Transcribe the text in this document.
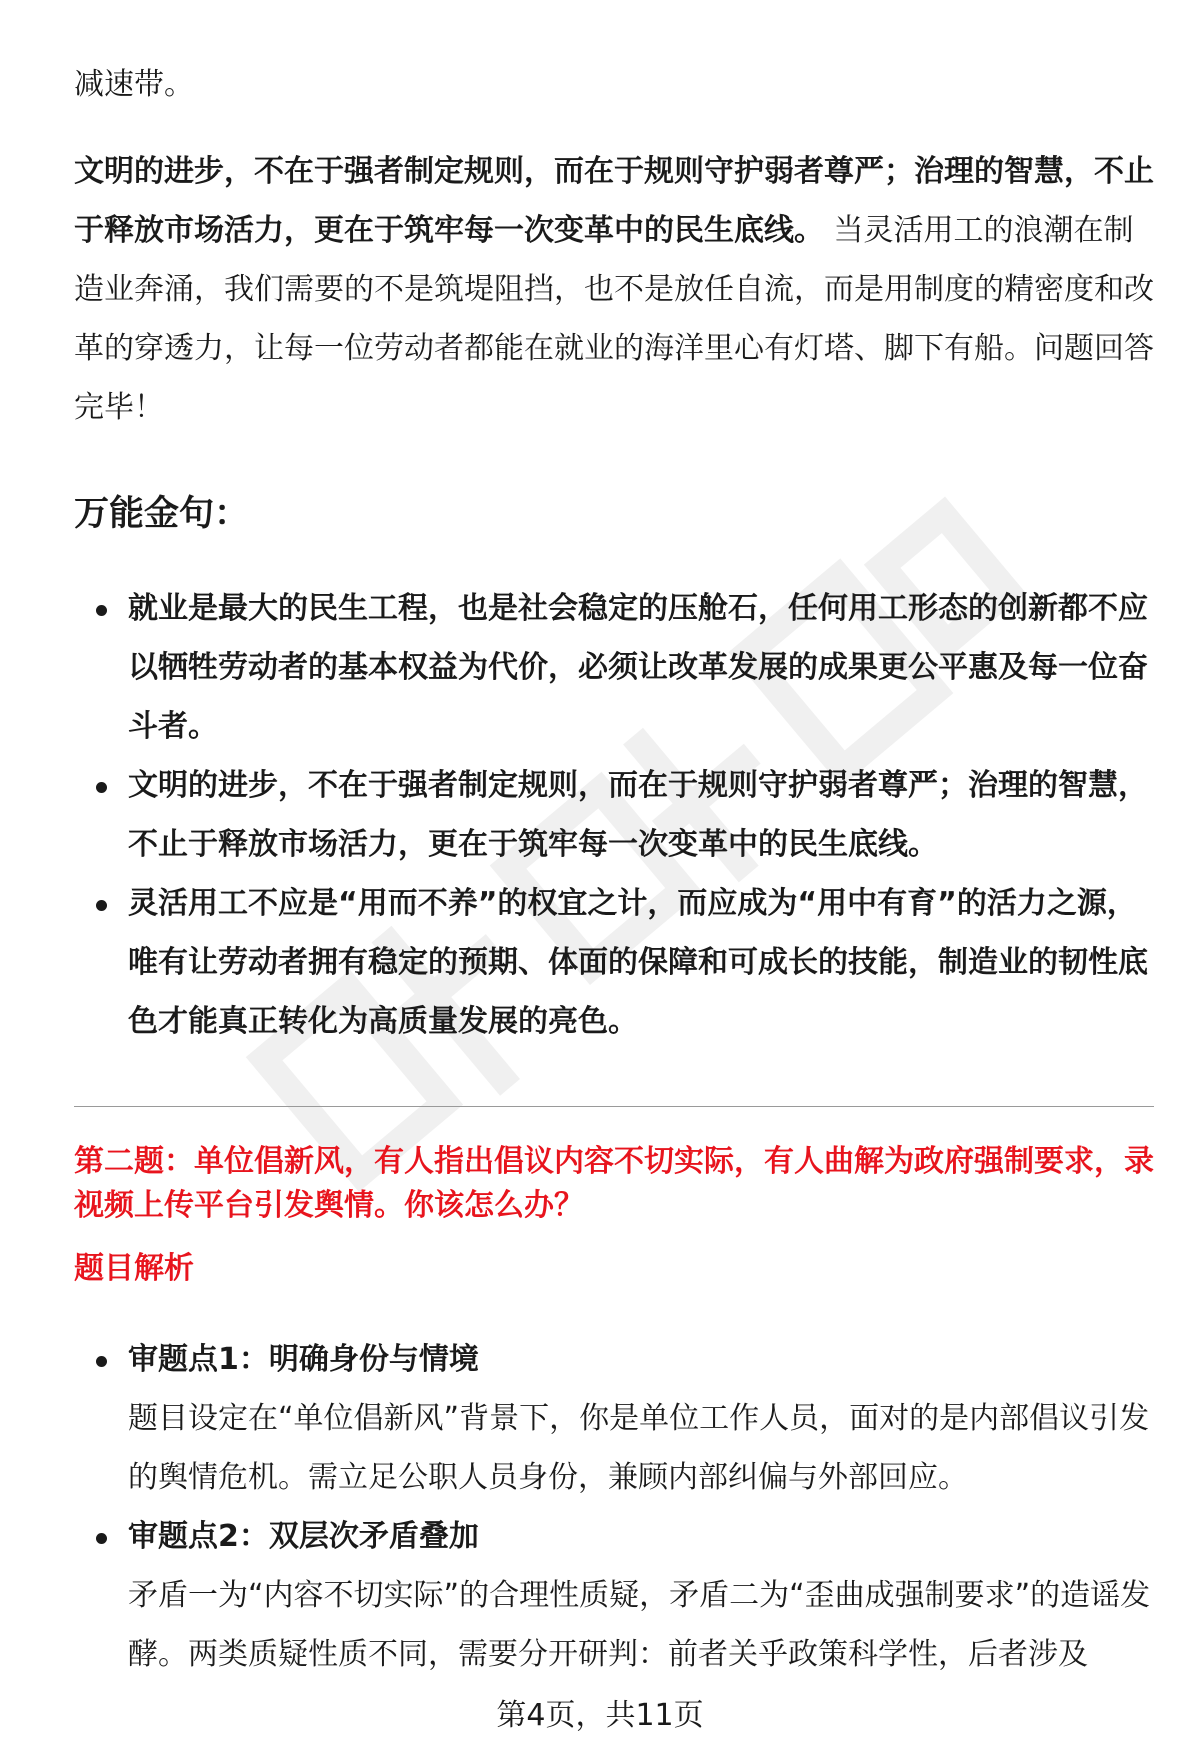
减速带。

文明的进步，不在于强者制定规则，而在于规则守护弱者尊严；治理的智慧，不止于释放市场活力，更在于筑牢每一次变革中的民生底线。 当灵活用工的浪潮在制造业奔涌，我们需要的不是筑堤阻挡，也不是放任自流，而是用制度的精密度和改革的穿透力，让每一位劳动者都能在就业的海洋里心有灯塔、脚下有船。问题回答完毕！

万能金句：
就业是最大的民生工程，也是社会稳定的压舱石，任何用工形态的创新都不应以牺牲劳动者的基本权益为代价，必须让改革发展的成果更公平惠及每一位奋斗者。
文明的进步，不在于强者制定规则，而在于规则守护弱者尊严；治理的智慧，不止于释放市场活力，更在于筑牢每一次变革中的民生底线。
灵活用工不应是“用而不养”的权宜之计，而应成为“用中有育”的活力之源，唯有让劳动者拥有稳定的预期、体面的保障和可成长的技能，制造业的韧性底色才能真正转化为高质量发展的亮色。

第二题：单位倡新风，有人指出倡议内容不切实际，有人曲解为政府强制要求，录视频上传平台引发舆情。你该怎么办？

题目解析

审题点1：明确身份与情境
题目设定在“单位倡新风”背景下，你是单位工作人员，面对的是内部倡议引发的舆情危机。需立足公职人员身份，兼顾内部纠偏与外部回应。
审题点2：双层次矛盾叠加
矛盾一为“内容不切实际”的合理性质疑，矛盾二为“歪曲成强制要求”的造谣发酵。两类质疑性质不同，需要分开研判：前者关乎政策科学性，后者涉及
第4页，共11页
